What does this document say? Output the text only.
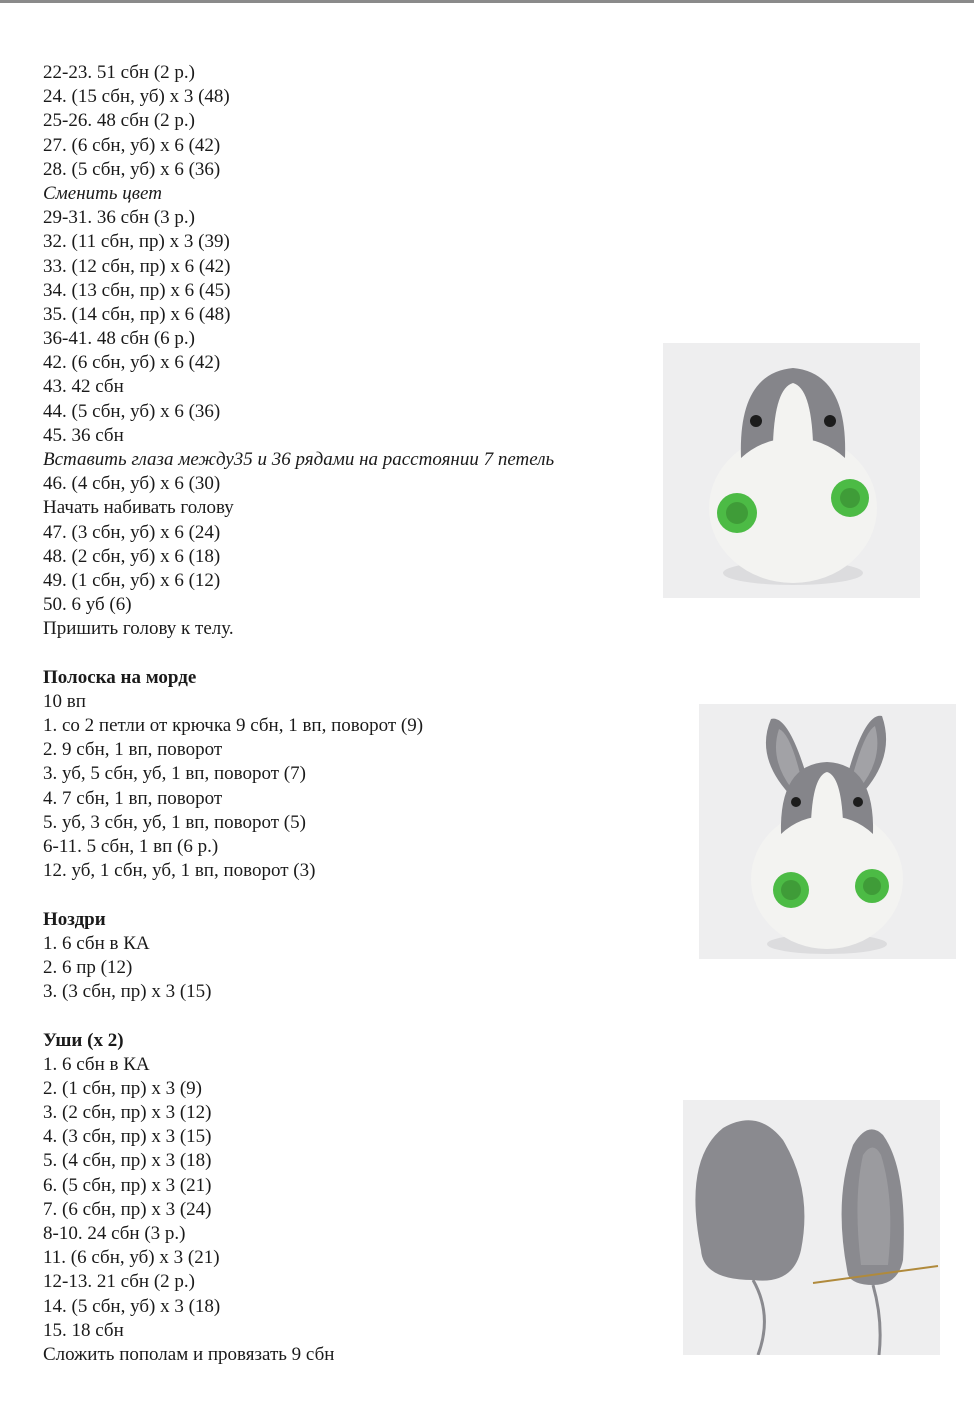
22-23. 51 сбн (2 р.)
24. (15 сбн, уб) х 3 (48)
25-26. 48 сбн (2 р.)
27. (6 сбн, уб) х 6 (42)
28. (5 сбн, уб) х 6 (36)
Сменить цвет
29-31. 36 сбн (3 р.)
32. (11 сбн, пр) х 3 (39)
33. (12 сбн, пр) х 6 (42)
34. (13 сбн, пр) х 6 (45)
35. (14 сбн, пр) х 6 (48)
36-41. 48 сбн (6 р.)
42. (6 сбн, уб) х 6 (42)
43. 42 сбн
44. (5 сбн, уб) х 6 (36)
45. 36 сбн
Вставить глаза между35 и 36 рядами на расстоянии 7 петель
46. (4 сбн, уб) х 6 (30)
Начать набивать голову
47. (3 сбн, уб) х 6 (24)
48. (2 сбн, уб) х 6 (18)
49. (1 сбн, уб) х 6 (12)
50. 6 уб (6)
Пришить голову к телу.
Полоска на морде
10 вп
1. со 2 петли от крючка 9 сбн, 1 вп, поворот (9)
2. 9 сбн, 1 вп, поворот
3. уб, 5 сбн, уб, 1 вп, поворот (7)
4. 7 сбн, 1 вп, поворот
5. уб, 3 сбн, уб, 1 вп, поворот (5)
6-11. 5 сбн, 1 вп (6 р.)
12. уб, 1 сбн, уб, 1 вп, поворот (3)
Ноздри
1. 6 сбн в КА
2. 6 пр (12)
3. (3 сбн, пр) х 3 (15)
Уши (х 2)
1. 6 сбн в КА
2. (1 сбн, пр) х 3 (9)
3. (2 сбн, пр) х 3 (12)
4. (3 сбн, пр) х 3 (15)
5. (4 сбн, пр) х 3 (18)
6. (5 сбн, пр) х 3 (21)
7. (6 сбн, пр) х 3 (24)
8-10. 24 сбн (3 р.)
11. (6 сбн, уб) х 3 (21)
12-13. 21 сбн (2 р.)
14. (5 сбн, уб) х 3 (18)
15. 18 сбн
Сложить пополам и провязать 9 сбн
